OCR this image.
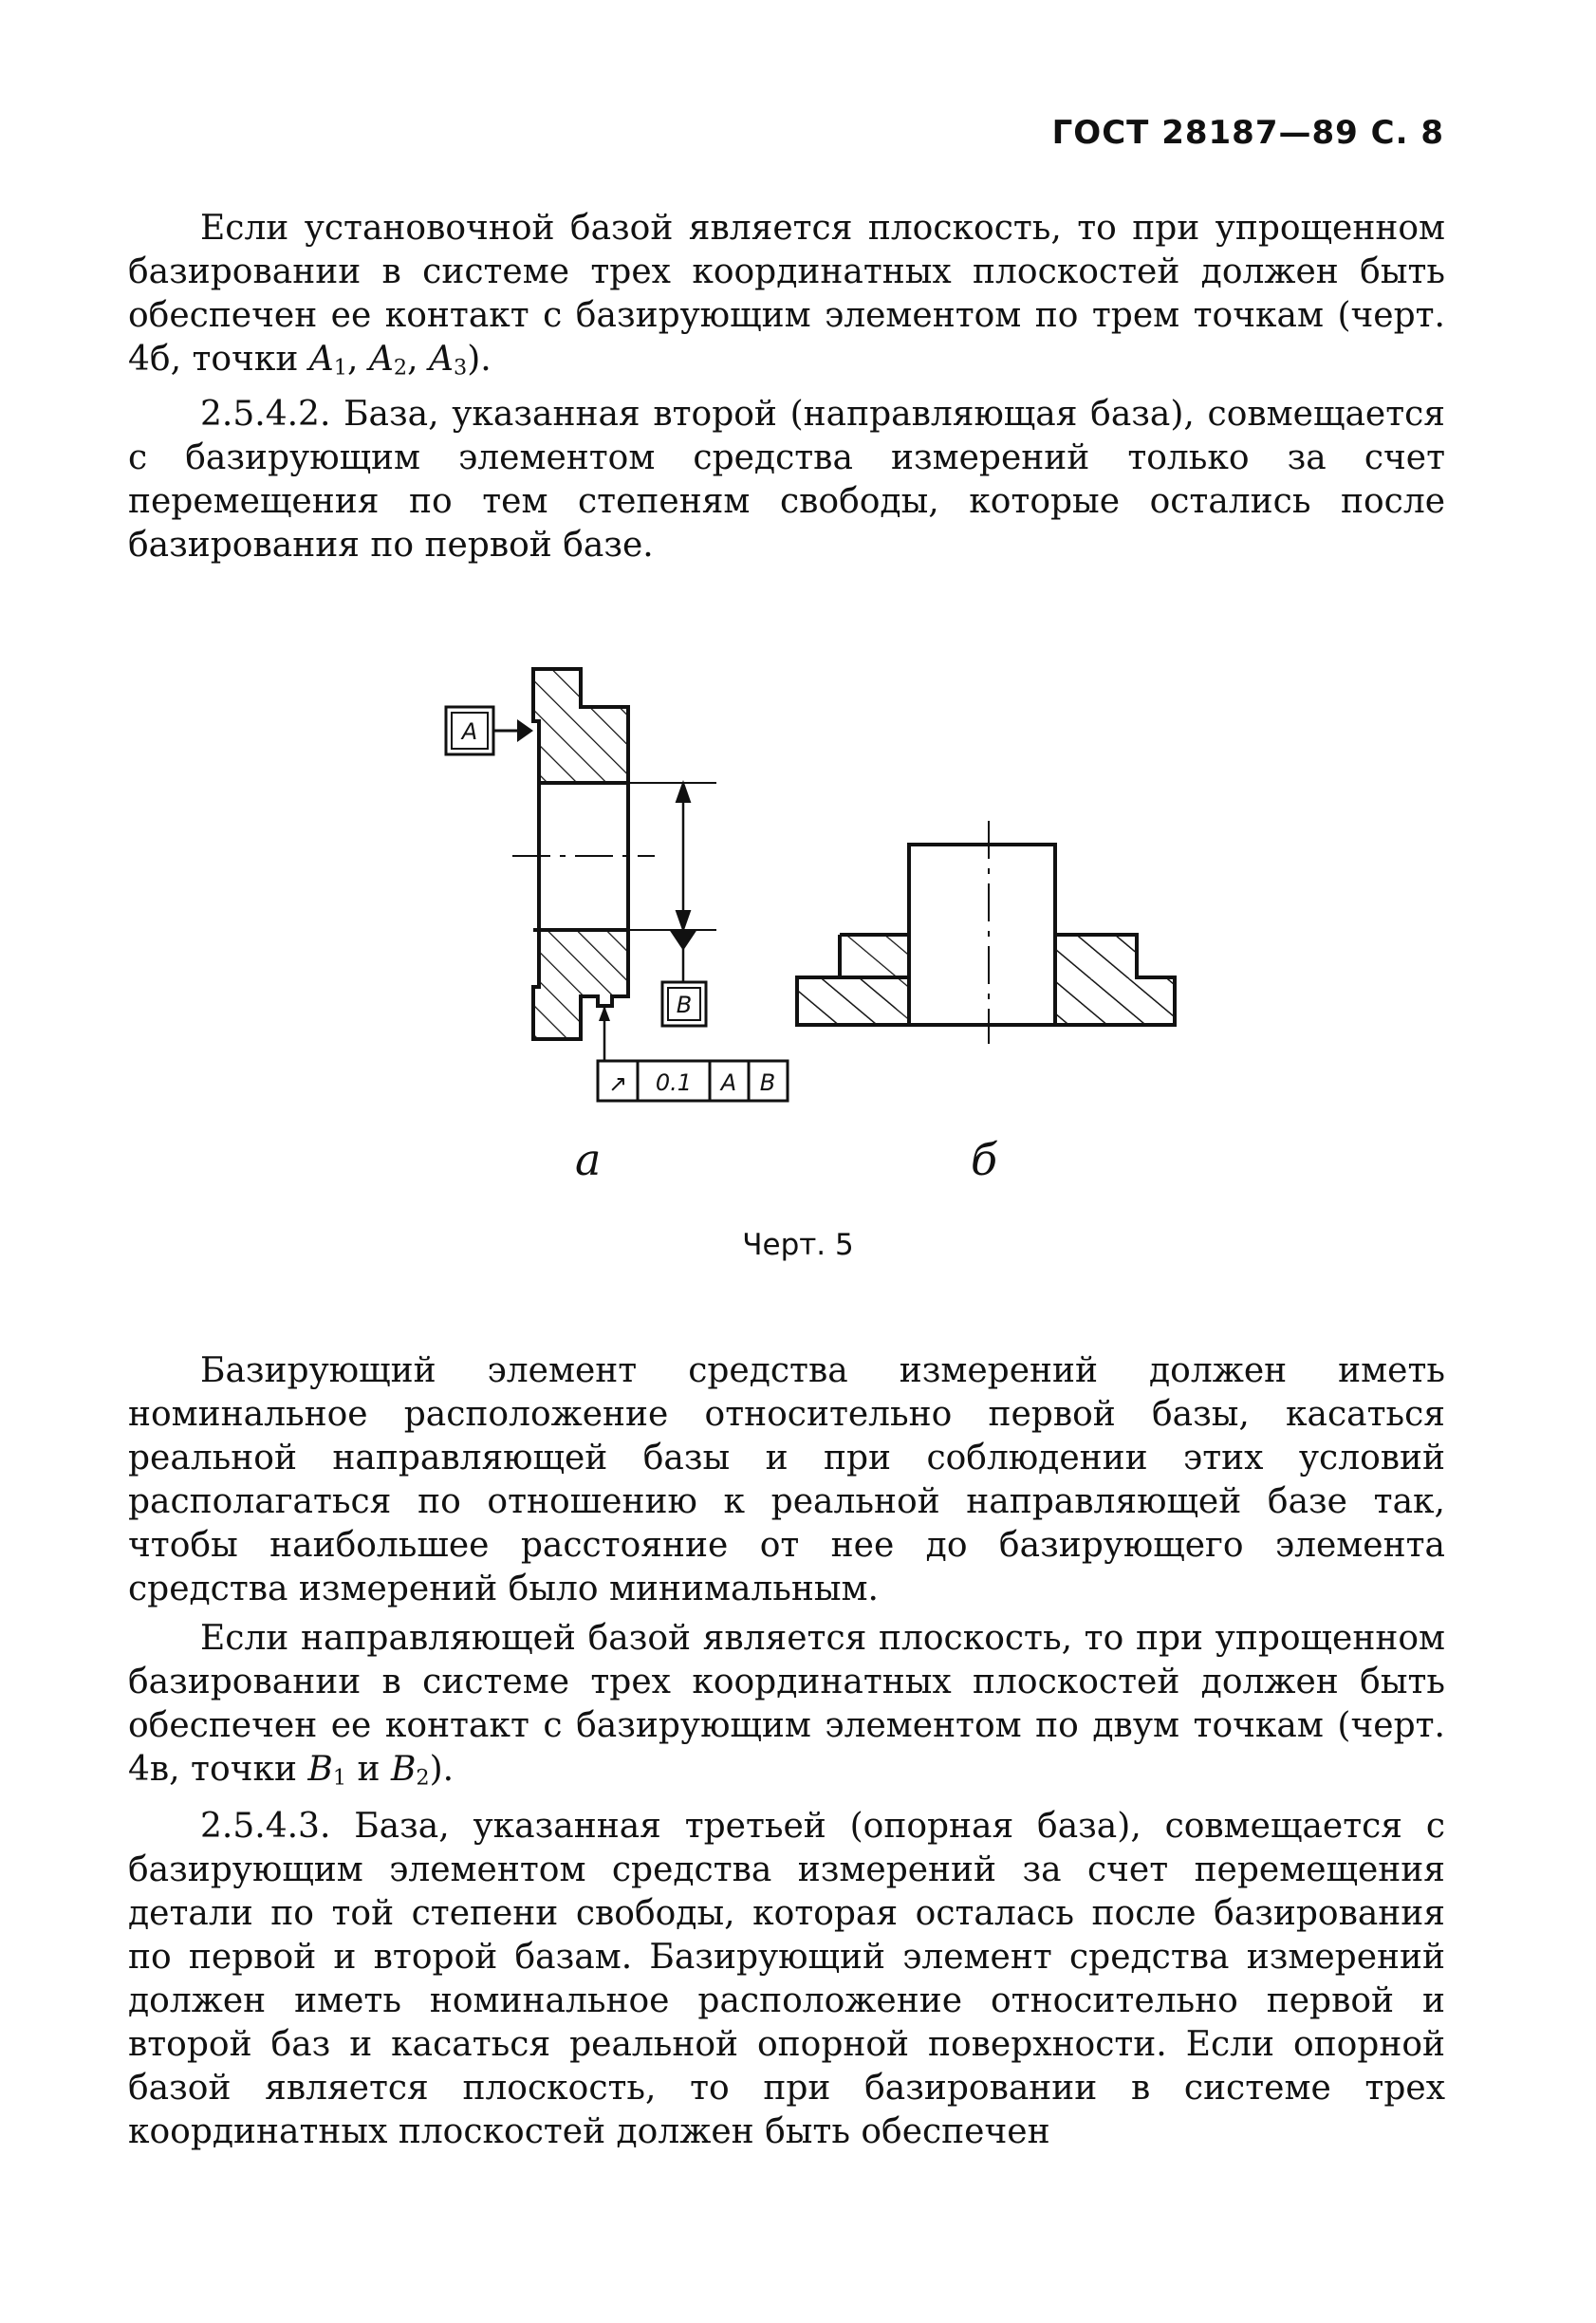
ГОСТ 28187—89 С. 8

Если установочной базой является плоскость, то при упрощенном базировании в системе трех координатных плоскостей должен быть обеспечен ее контакт с базирующим элементом по трем точкам (черт. 4б, точки $A_1$, $A_2$, $A_3$).

2.5.4.2. База, указанная второй (направляющая база), совмещается с базирующим элементом средства измерений только за счет перемещения по тем степеням свободы, которые остались после базирования по первой базе.

A
B
↗ 0.1 A B
а	б
Черт. 5

Базирующий элемент средства измерений должен иметь номинальное расположение относительно первой базы, касаться реальной направляющей базы и при соблюдении этих условий располагаться по отношению к реальной направляющей базе так, чтобы наибольшее расстояние от нее до базирующего элемента средства измерений было минимальным.

Если направляющей базой является плоскость, то при упрощенном базировании в системе трех координатных плоскостей должен быть обеспечен ее контакт с базирующим элементом по двум точкам (черт. 4в, точки $B_1$ и $B_2$).

2.5.4.3. База, указанная третьей (опорная база), совмещается с базирующим элементом средства измерений за счет перемещения детали по той степени свободы, которая осталась после базирования по первой и второй базам. Базирующий элемент средства измерений должен иметь номинальное расположение относительно первой и второй баз и касаться реальной опорной поверхности. Если опорной базой является плоскость, то при базировании в системе трех координатных плоскостей должен быть обеспечен
